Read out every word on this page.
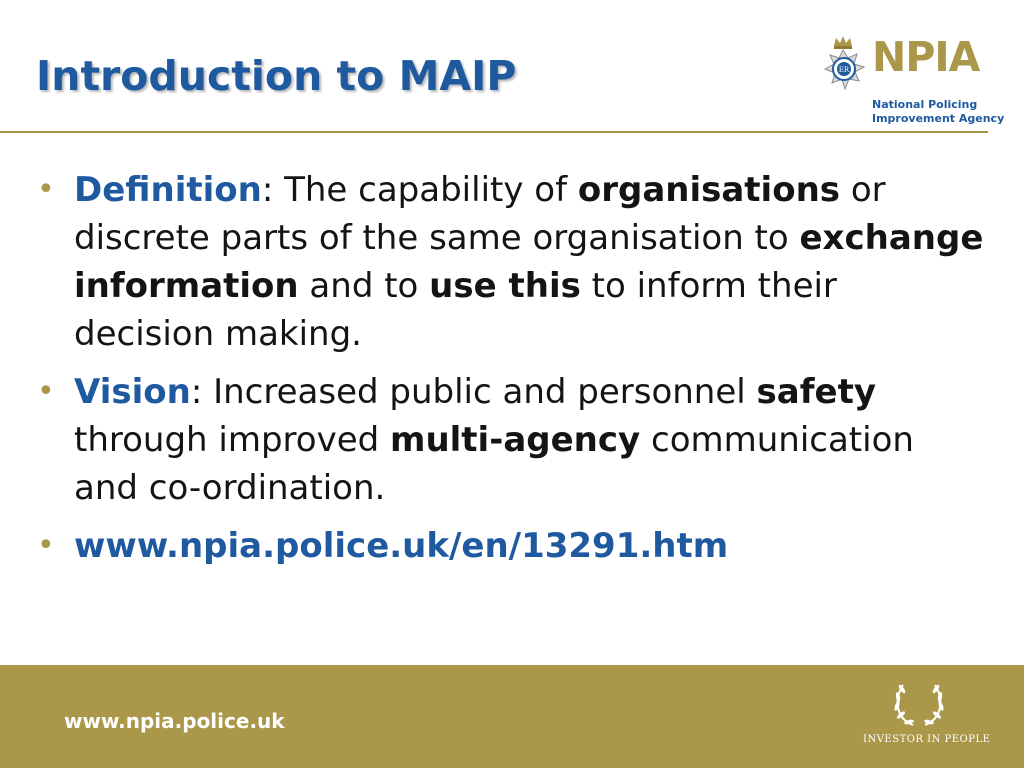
Introduction to MAIP	ER NPIA
National Policing
Improvement Agency
• Definition: The capability of organisations or discrete parts of the same organisation to exchange information and to use this to inform their decision making.
• Vision: Increased public and personnel safety through improved multi-agency communication and co-ordination.
• www.npia.police.uk/en/13291.htm
www.npia.police.uk
INVESTOR IN PEOPLE
